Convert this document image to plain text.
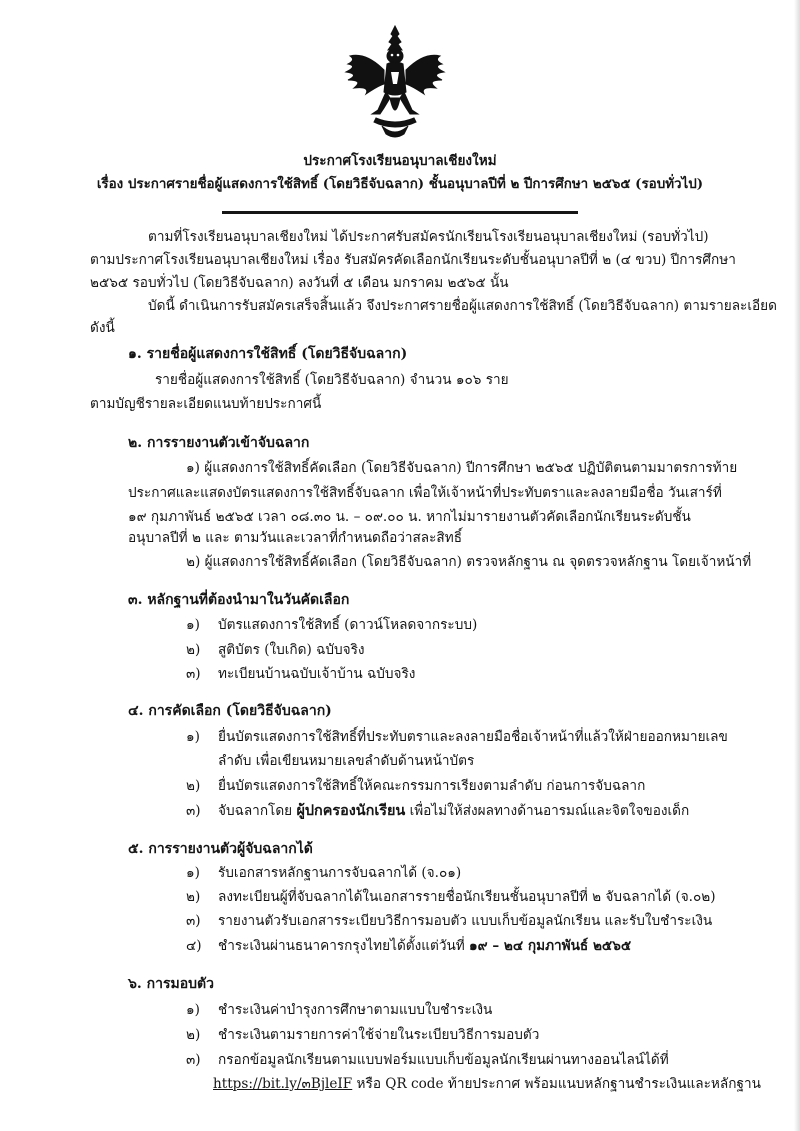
ประกาศโรงเรียนอนุบาลเชียงใหม่
เรื่อง ประกาศรายชื่อผู้แสดงการใช้สิทธิ์ (โดยวิธีจับฉลาก) ชั้นอนุบาลปีที่ ๒ ปีการศึกษา ๒๕๖๕ (รอบทั่วไป)
ตามที่โรงเรียนอนุบาลเชียงใหม่ ได้ประกาศรับสมัครนักเรียนโรงเรียนอนุบาลเชียงใหม่ (รอบทั่วไป)
ตามประกาศโรงเรียนอนุบาลเชียงใหม่ เรื่อง รับสมัครคัดเลือกนักเรียนระดับชั้นอนุบาลปีที่ ๒ (๔ ขวบ) ปีการศึกษา
๒๕๖๕ รอบทั่วไป (โดยวิธีจับฉลาก) ลงวันที่ ๕ เดือน มกราคม ๒๕๖๕ นั้น
บัดนี้ ดำเนินการรับสมัครเสร็จสิ้นแล้ว จึงประกาศรายชื่อผู้แสดงการใช้สิทธิ์ (โดยวิธีจับฉลาก) ตามรายละเอียด
ดังนี้
๑. รายชื่อผู้แสดงการใช้สิทธิ์ (โดยวิธีจับฉลาก)
รายชื่อผู้แสดงการใช้สิทธิ์ (โดยวิธีจับฉลาก) จำนวน ๑๐๖ ราย
ตามบัญชีรายละเอียดแนบท้ายประกาศนี้
๒. การรายงานตัวเข้าจับฉลาก
๑) ผู้แสดงการใช้สิทธิ์คัดเลือก (โดยวิธีจับฉลาก) ปีการศึกษา ๒๕๖๕ ปฏิบัติตนตามมาตรการท้าย
ประกาศและแสดงบัตรแสดงการใช้สิทธิ์จับฉลาก เพื่อให้เจ้าหน้าที่ประทับตราและลงลายมือชื่อ วันเสาร์ที่
๑๙ กุมภาพันธ์ ๒๕๖๕ เวลา ๐๘.๓๐ น. – ๐๙.๐๐ น. หากไม่มารายงานตัวคัดเลือกนักเรียนระดับชั้น
อนุบาลปีที่ ๒ และ ตามวันและเวลาที่กำหนดถือว่าสละสิทธิ์
๒) ผู้แสดงการใช้สิทธิ์คัดเลือก (โดยวิธีจับฉลาก) ตรวจหลักฐาน ณ จุดตรวจหลักฐาน โดยเจ้าหน้าที่
๓. หลักฐานที่ต้องนำมาในวันคัดเลือก
๑) บัตรแสดงการใช้สิทธิ์ (ดาวน์โหลดจากระบบ)
๒) สูติบัตร (ใบเกิด) ฉบับจริง
๓) ทะเบียนบ้านฉบับเจ้าบ้าน ฉบับจริง
๔. การคัดเลือก (โดยวิธีจับฉลาก)
๑) ยื่นบัตรแสดงการใช้สิทธิ์ที่ประทับตราและลงลายมือชื่อเจ้าหน้าที่แล้วให้ฝ่ายออกหมายเลข
ลำดับ เพื่อเขียนหมายเลขลำดับด้านหน้าบัตร
๒) ยื่นบัตรแสดงการใช้สิทธิ์ให้คณะกรรมการเรียงตามลำดับ ก่อนการจับฉลาก
๓) จับฉลากโดย ผู้ปกครองนักเรียน เพื่อไม่ให้ส่งผลทางด้านอารมณ์และจิตใจของเด็ก
๕. การรายงานตัวผู้จับฉลากได้
๑) รับเอกสารหลักฐานการจับฉลากได้ (จ.๐๑)
๒) ลงทะเบียนผู้ที่จับฉลากได้ในเอกสารรายชื่อนักเรียนชั้นอนุบาลปีที่ ๒ จับฉลากได้ (จ.๐๒)
๓) รายงานตัวรับเอกสารระเบียบวิธีการมอบตัว แบบเก็บข้อมูลนักเรียน และรับใบชำระเงิน
๔) ชำระเงินผ่านธนาคารกรุงไทยได้ตั้งแต่วันที่ ๑๙ – ๒๔ กุมภาพันธ์ ๒๕๖๕
๖. การมอบตัว
๑) ชำระเงินค่าบำรุงการศึกษาตามแบบใบชำระเงิน
๒) ชำระเงินตามรายการค่าใช้จ่ายในระเบียบวิธีการมอบตัว
๓) กรอกข้อมูลนักเรียนตามแบบฟอร์มแบบเก็บข้อมูลนักเรียนผ่านทางออนไลน์ได้ที่
https://bit.ly/๓BjleIF หรือ QR code ท้ายประกาศ พร้อมแนบหลักฐานชำระเงินและหลักฐาน
